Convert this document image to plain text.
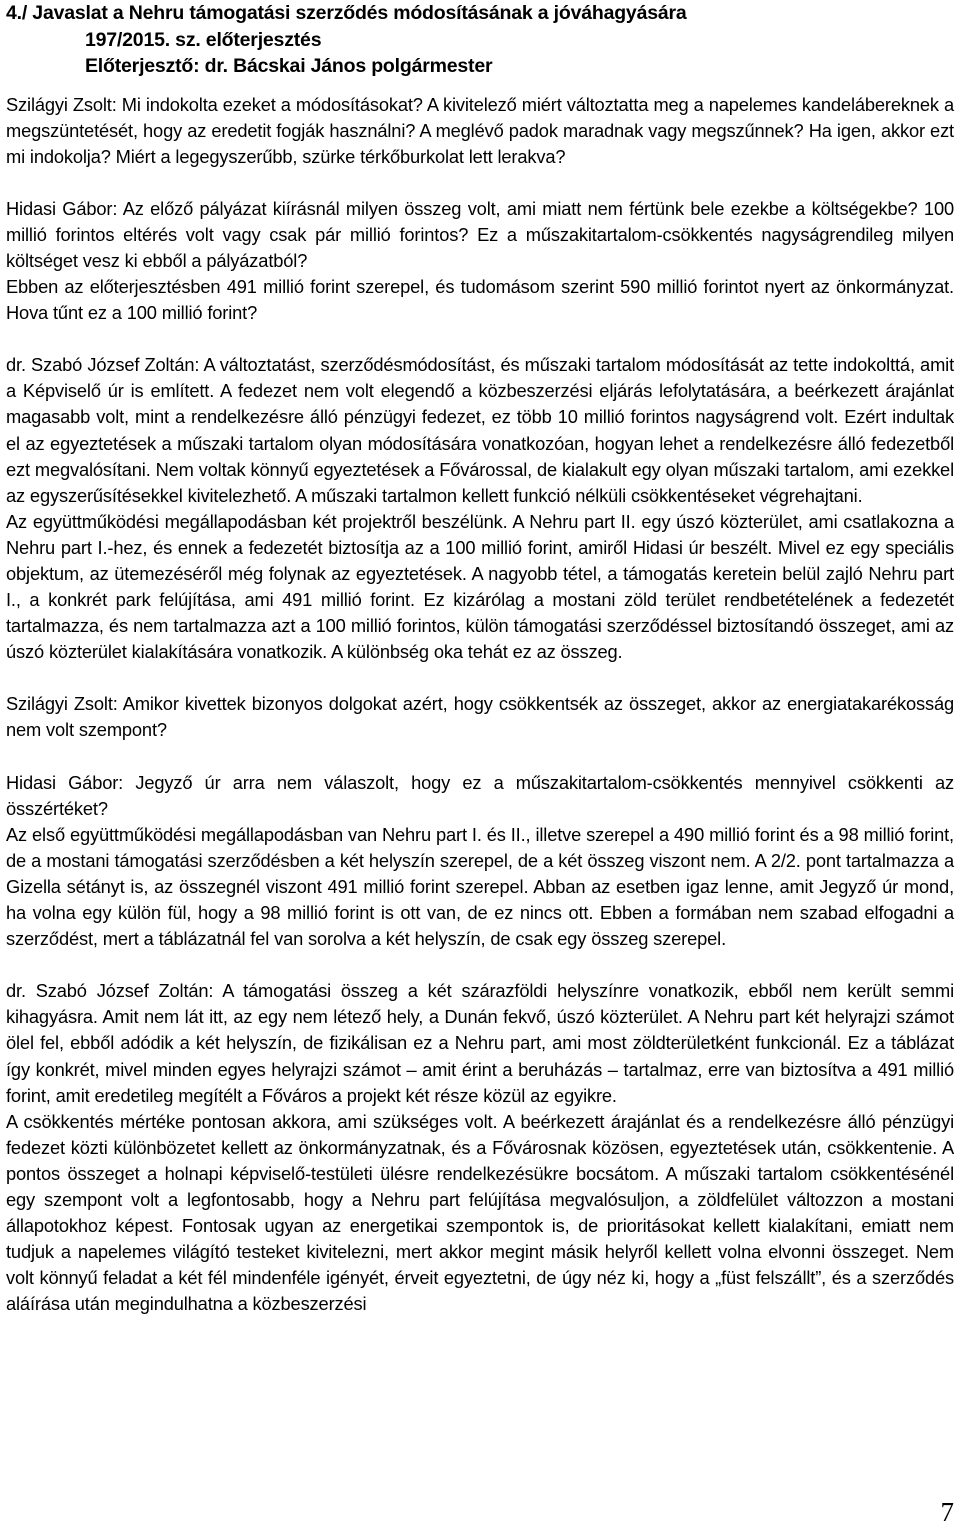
4./ Javaslat a Nehru támogatási szerződés módosításának a jóváhagyására
197/2015. sz. előterjesztés
Előterjesztő: dr. Bácskai János polgármester

Szilágyi Zsolt: Mi indokolta ezeket a módosításokat? A kivitelező miért változtatta meg a napelemes kandelábereknek a megszüntetését, hogy az eredetit fogják használni? A meglévő padok maradnak vagy megszűnnek? Ha igen, akkor ezt mi indokolja? Miért a legegyszerűbb, szürke térkőburkolat lett lerakva?

Hidasi Gábor: Az előző pályázat kiírásnál milyen összeg volt, ami miatt nem fértünk bele ezekbe a költségekbe? 100 millió forintos eltérés volt vagy csak pár millió forintos? Ez a műszakitartalom-csökkentés nagyságrendileg milyen költséget vesz ki ebből a pályázatból?

Ebben az előterjesztésben 491 millió forint szerepel, és tudomásom szerint 590 millió forintot nyert az önkormányzat. Hova tűnt ez a 100 millió forint?

dr. Szabó József Zoltán: A változtatást, szerződésmódosítást, és műszaki tartalom módosítását az tette indokolttá, amit a Képviselő úr is említett. A fedezet nem volt elegendő a közbeszerzési eljárás lefolytatására, a beérkezett árajánlat magasabb volt, mint a rendelkezésre álló pénzügyi fedezet, ez több 10 millió forintos nagyságrend volt. Ezért indultak el az egyeztetések a műszaki tartalom olyan módosítására vonatkozóan, hogyan lehet a rendelkezésre álló fedezetből ezt megvalósítani. Nem voltak könnyű egyeztetések a Fővárossal, de kialakult egy olyan műszaki tartalom, ami ezekkel az egyszerűsítésekkel kivitelezhető. A műszaki tartalmon kellett funkció nélküli csökkentéseket végrehajtani.

Az együttműködési megállapodásban két projektről beszélünk. A Nehru part II. egy úszó közterület, ami csatlakozna a Nehru part I.-hez, és ennek a fedezetét biztosítja az a 100 millió forint, amiről Hidasi úr beszélt. Mivel ez egy speciális objektum, az ütemezéséről még folynak az egyeztetések. A nagyobb tétel, a támogatás keretein belül zajló Nehru part I., a konkrét park felújítása, ami 491 millió forint. Ez kizárólag a mostani zöld terület rendbetételének a fedezetét tartalmazza, és nem tartalmazza azt a 100 millió forintos, külön támogatási szerződéssel biztosítandó összeget, ami az úszó közterület kialakítására vonatkozik. A különbség oka tehát ez az összeg.

Szilágyi Zsolt: Amikor kivettek bizonyos dolgokat azért, hogy csökkentsék az összeget, akkor az energiatakarékosság nem volt szempont?

Hidasi Gábor: Jegyző úr arra nem válaszolt, hogy ez a műszakitartalom-csökkentés mennyivel csökkenti az összértéket?

Az első együttműködési megállapodásban van Nehru part I. és II., illetve szerepel a 490 millió forint és a 98 millió forint, de a mostani támogatási szerződésben a két helyszín szerepel, de a két összeg viszont nem. A 2/2. pont tartalmazza a Gizella sétányt is, az összegnél viszont 491 millió forint szerepel. Abban az esetben igaz lenne, amit Jegyző úr mond, ha volna egy külön fül, hogy a 98 millió forint is ott van, de ez nincs ott. Ebben a formában nem szabad elfogadni a szerződést, mert a táblázatnál fel van sorolva a két helyszín, de csak egy összeg szerepel.

dr. Szabó József Zoltán: A támogatási összeg a két szárazföldi helyszínre vonatkozik, ebből nem került semmi kihagyásra. Amit nem lát itt, az egy nem létező hely, a Dunán fekvő, úszó közterület. A Nehru part két helyrajzi számot ölel fel, ebből adódik a két helyszín, de fizikálisan ez a Nehru part, ami most zöldterületként funkcionál. Ez a táblázat így konkrét, mivel minden egyes helyrajzi számot – amit érint a beruházás – tartalmaz, erre van biztosítva a 491 millió forint, amit eredetileg megítélt a Főváros a projekt két része közül az egyikre.

A csökkentés mértéke pontosan akkora, ami szükséges volt. A beérkezett árajánlat és a rendelkezésre álló pénzügyi fedezet közti különbözetet kellett az önkormányzatnak, és a Fővárosnak közösen, egyeztetések után, csökkentenie. A pontos összeget a holnapi képviselő-testületi ülésre rendelkezésükre bocsátom. A műszaki tartalom csökkentésénél egy szempont volt a legfontosabb, hogy a Nehru part felújítása megvalósuljon, a zöldfelület változzon a mostani állapotokhoz képest. Fontosak ugyan az energetikai szempontok is, de prioritásokat kellett kialakítani, emiatt nem tudjuk a napelemes világító testeket kivitelezni, mert akkor megint másik helyről kellett volna elvonni összeget. Nem volt könnyű feladat a két fél mindenféle igényét, érveit egyeztetni, de úgy néz ki, hogy a „füst felszállt”, és a szerződés aláírása után megindulhatna a közbeszerzési

7
